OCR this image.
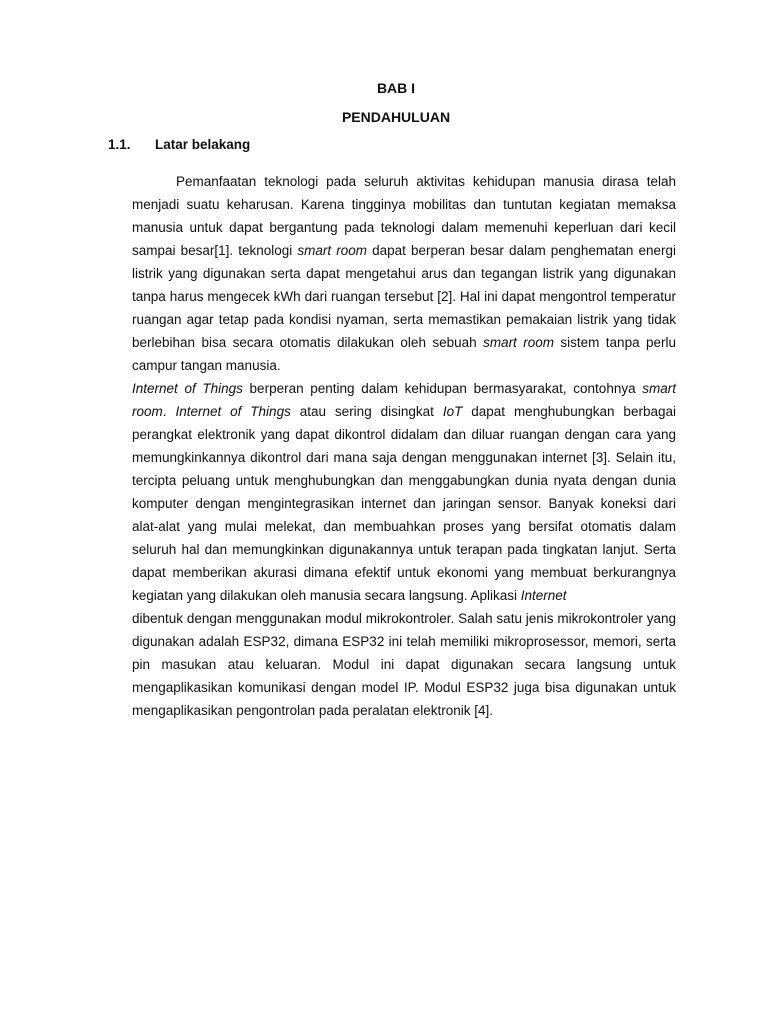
BAB I
PENDAHULUAN
1.1. Latar belakang

Pemanfaatan teknologi pada seluruh aktivitas kehidupan manusia dirasa telah menjadi suatu keharusan. Karena tingginya mobilitas dan tuntutan kegiatan memaksa manusia untuk dapat bergantung pada teknologi dalam memenuhi keperluan dari kecil sampai besar[1]. teknologi smart room dapat berperan besar dalam penghematan energi listrik yang digunakan serta dapat mengetahui arus dan tegangan listrik yang digunakan tanpa harus mengecek kWh dari ruangan tersebut [2]. Hal ini dapat mengontrol temperatur ruangan agar tetap pada kondisi nyaman, serta memastikan pemakaian listrik yang tidak berlebihan bisa secara otomatis dilakukan oleh sebuah smart room sistem tanpa perlu campur tangan manusia.

Internet of Things berperan penting dalam kehidupan bermasyarakat, contohnya smart room. Internet of Things atau sering disingkat IoT dapat menghubungkan berbagai perangkat elektronik yang dapat dikontrol didalam dan diluar ruangan dengan cara yang memungkinkannya dikontrol dari mana saja dengan menggunakan internet [3]. Selain itu, tercipta peluang untuk menghubungkan dan menggabungkan dunia nyata dengan dunia komputer dengan mengintegrasikan internet dan jaringan sensor. Banyak koneksi dari alat-alat yang mulai melekat, dan membuahkan proses yang bersifat otomatis dalam seluruh hal dan memungkinkan digunakannya untuk terapan pada tingkatan lanjut. Serta dapat memberikan akurasi dimana efektif untuk ekonomi yang membuat berkurangnya kegiatan yang dilakukan oleh manusia secara langsung. Aplikasi Internet

dibentuk dengan menggunakan modul mikrokontroler. Salah satu jenis mikrokontroler yang digunakan adalah ESP32, dimana ESP32 ini telah memiliki mikroprosessor, memori, serta pin masukan atau keluaran. Modul ini dapat digunakan secara langsung untuk mengaplikasikan komunikasi dengan model IP. Modul ESP32 juga bisa digunakan untuk mengaplikasikan pengontrolan pada peralatan elektronik [4].
